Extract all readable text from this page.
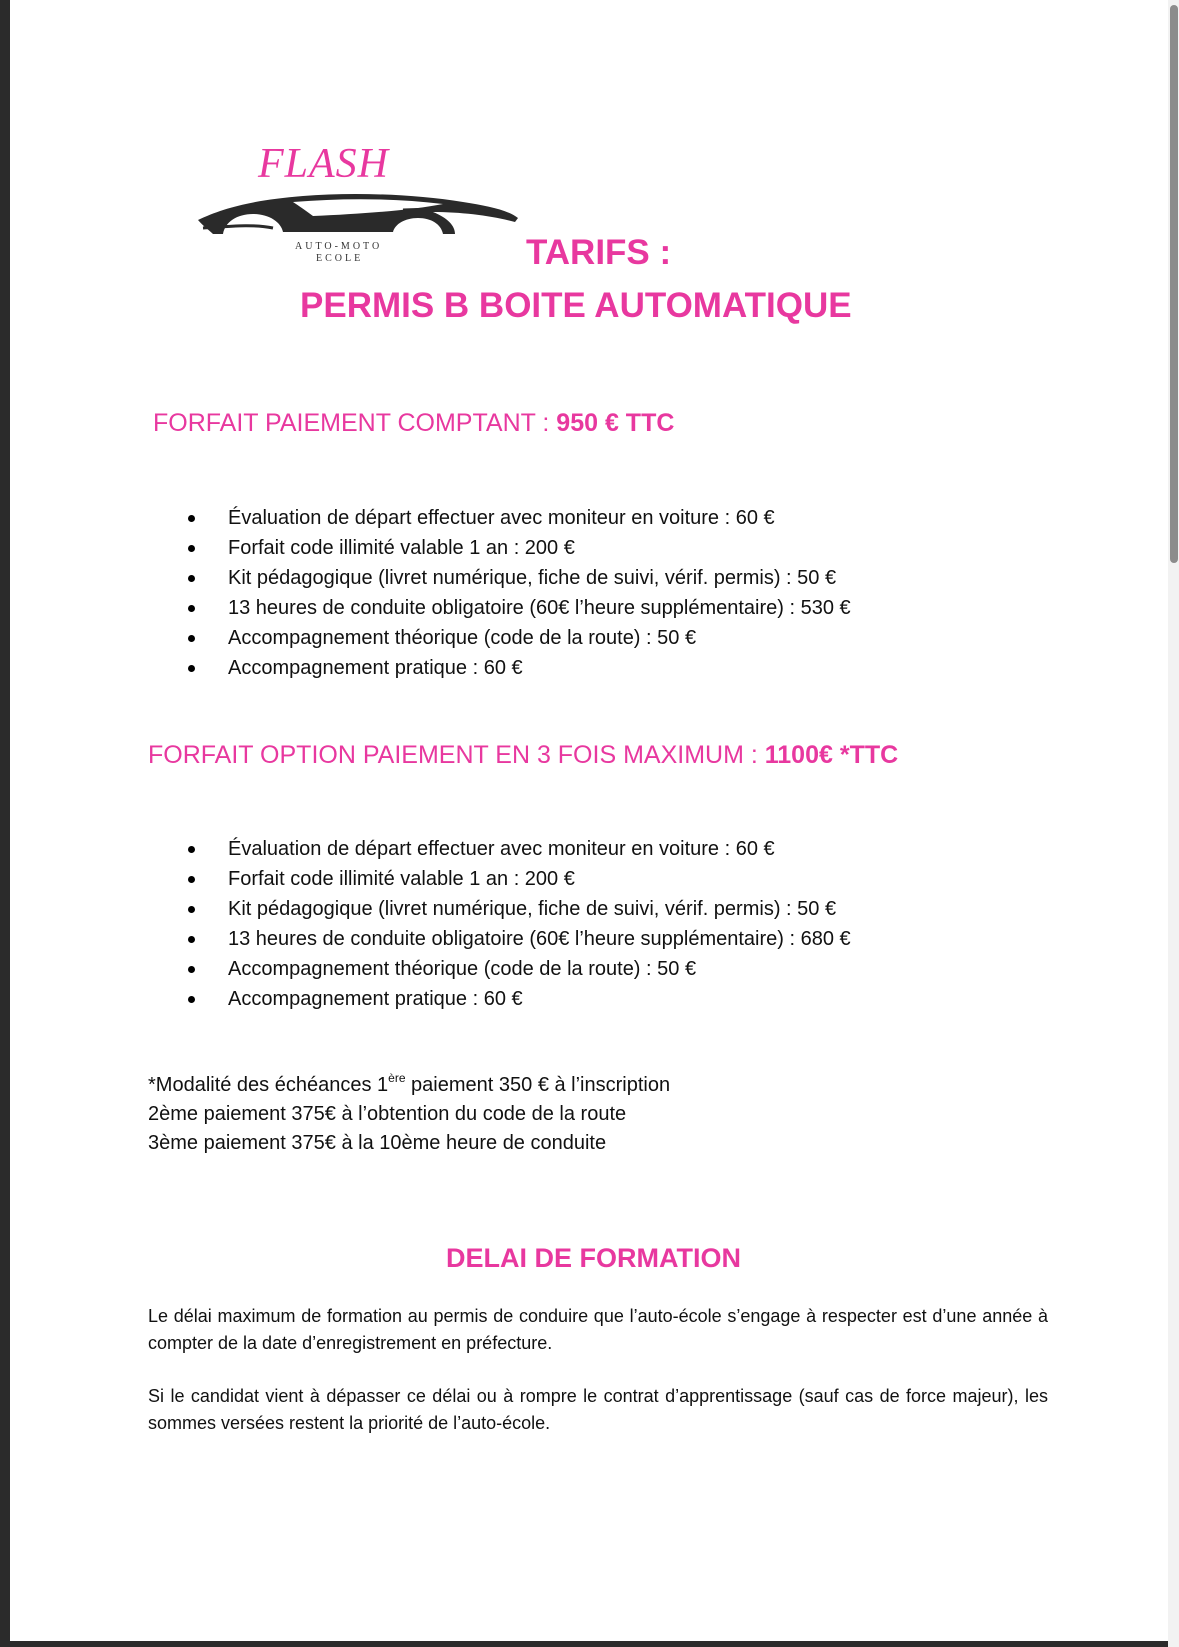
FLASH
AUTO-MOTO
ECOLE	TARIFS :
PERMIS B BOITE AUTOMATIQUE
FORFAIT PAIEMENT COMPTANT : 950 € TTC
Évaluation de départ effectuer avec moniteur en voiture : 60 €
Forfait code illimité valable 1 an : 200 €
Kit pédagogique (livret numérique, fiche de suivi, vérif. permis) : 50 €
13 heures de conduite obligatoire (60€ l’heure supplémentaire) : 530 €
Accompagnement théorique (code de la route) : 50 €
Accompagnement pratique : 60 €
FORFAIT OPTION PAIEMENT EN 3 FOIS MAXIMUM : 1100€ *TTC
Évaluation de départ effectuer avec moniteur en voiture : 60 €
Forfait code illimité valable 1 an : 200 €
Kit pédagogique (livret numérique, fiche de suivi, vérif. permis) : 50 €
13 heures de conduite obligatoire (60€ l’heure supplémentaire) : 680 €
Accompagnement théorique (code de la route) : 50 €
Accompagnement pratique : 60 €
*Modalité des échéances 1ère paiement 350 € à l’inscription
2ème paiement 375€ à l’obtention du code de la route
3ème paiement 375€ à la 10ème heure de conduite
DELAI DE FORMATION
Le délai maximum de formation au permis de conduire que l’auto-école s’engage à respecter est d’une année à compter de la date d’enregistrement en préfecture.
Si le candidat vient à dépasser ce délai ou à rompre le contrat d’apprentissage (sauf cas de force majeur), les sommes versées restent la priorité de l’auto-école.
